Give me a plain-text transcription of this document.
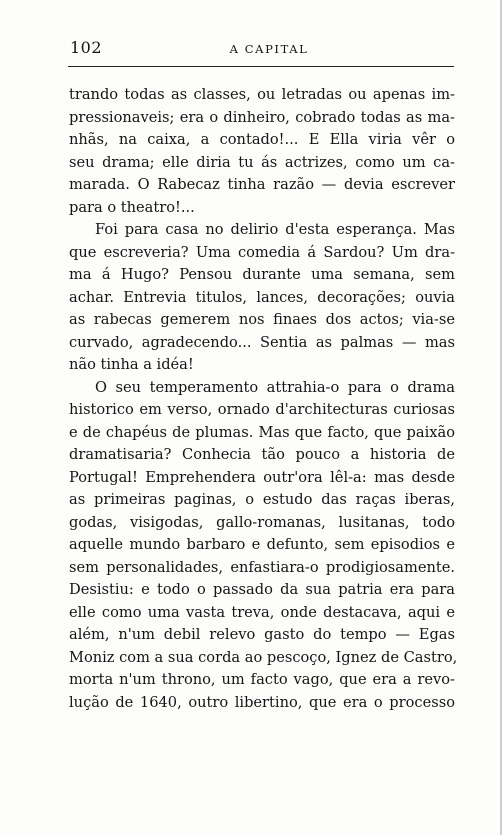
102	A CAPITAL
trando todas as classes, ou letradas ou apenas im-
pressionaveis; era o dinheiro, cobrado todas as ma-
nhãs, na caixa, a contado!... E Ella viria vêr o
seu drama; elle diria tu ás actrizes, como um ca-
marada. O Rabecaz tinha razão — devia escrever
para o theatro!...
Foi para casa no delirio d'esta esperança. Mas
que escreveria? Uma comedia á Sardou? Um dra-
ma á Hugo? Pensou durante uma semana, sem
achar. Entrevia titulos, lances, decorações; ouvia
as rabecas gemerem nos finaes dos actos; via-se
curvado, agradecendo... Sentia as palmas — mas
não tinha a idéa!
O seu temperamento attrahia-o para o drama
historico em verso, ornado d'architecturas curiosas
e de chapéus de plumas. Mas que facto, que paixão
dramatisaria? Conhecia tão pouco a historia de
Portugal! Emprehendera outr'ora lêl-a: mas desde
as primeiras paginas, o estudo das raças iberas,
godas, visigodas, gallo-romanas, lusitanas, todo
aquelle mundo barbaro e defunto, sem episodios e
sem personalidades, enfastiara-o prodigiosamente.
Desistiu: e todo o passado da sua patria era para
elle como uma vasta treva, onde destacava, aqui e
além, n'um debil relevo gasto do tempo — Egas
Moniz com a sua corda ao pescoço, Ignez de Castro,
morta n'um throno, um facto vago, que era a revo-
lução de 1640, outro libertino, que era o processo
